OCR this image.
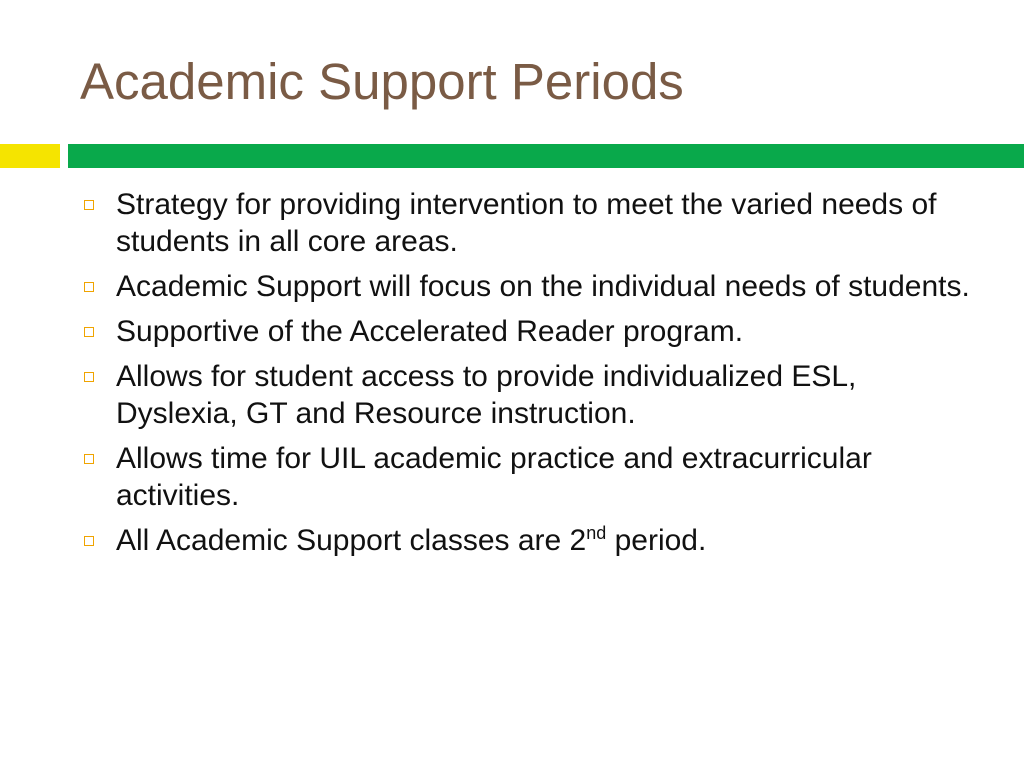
Academic Support Periods
Strategy for providing intervention to meet the varied needs of students in all core areas.
Academic Support will focus on the individual needs of students.
Supportive of the Accelerated Reader program.
Allows for student access to provide individualized ESL, Dyslexia, GT and Resource instruction.
Allows time for UIL academic practice and extracurricular activities.
All Academic Support classes are 2nd period.
